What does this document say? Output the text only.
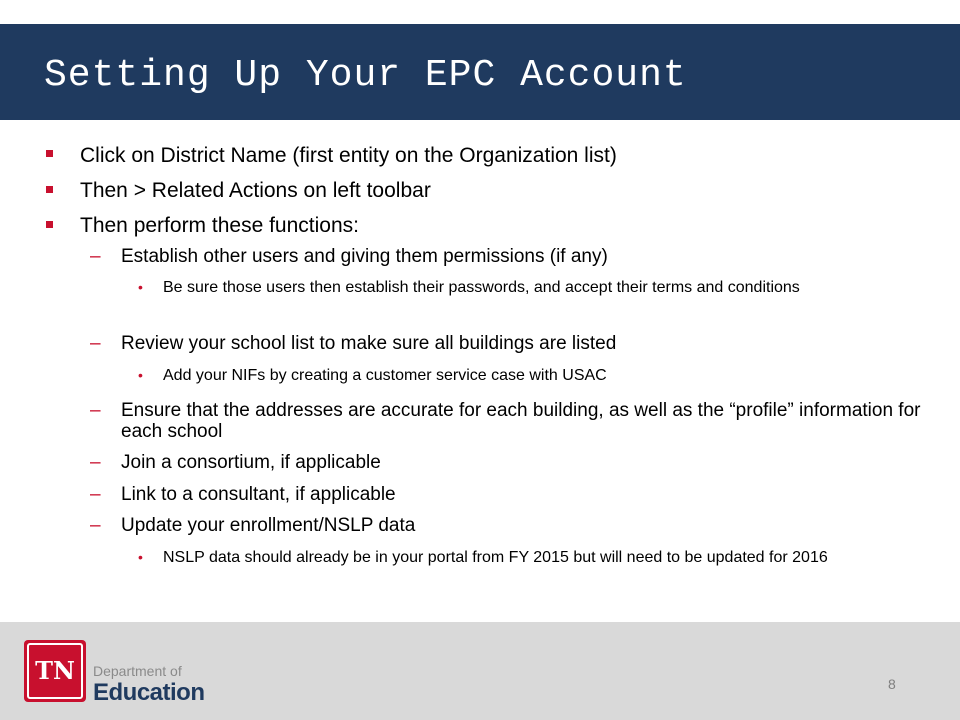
Setting Up Your EPC Account
Click on District Name (first entity on the Organization list)
Then > Related Actions on left toolbar
Then perform these functions:
– Establish other users and giving them permissions (if any)
• Be sure those users then establish their passwords, and accept their terms and conditions
– Review your school list to make sure all buildings are listed
• Add your NIFs by creating a customer service case with USAC
– Ensure that the addresses are accurate for each building, as well as the “profile” information for each school
– Join a consortium, if applicable
– Link to a consultant, if applicable
– Update your enrollment/NSLP data
• NSLP data should already be in your portal from FY 2015 but will need to be updated for 2016
TN	Department of
Education	8
